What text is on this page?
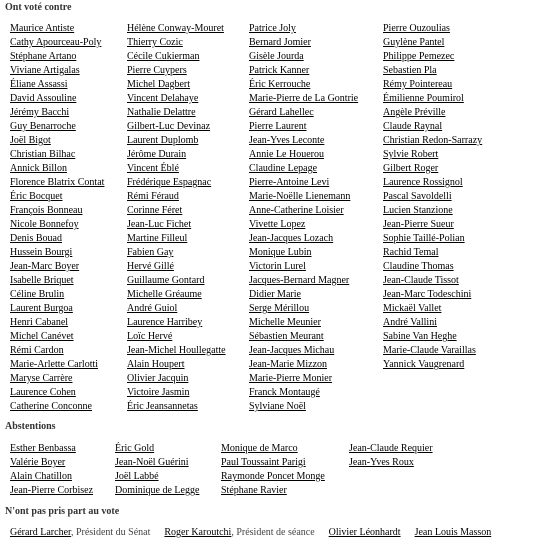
Ont voté contre
Maurice Antiste
Cathy Apourceau-Poly
Stéphane Artano
Viviane Artigalas
Éliane Assassi
David Assouline
Jérémy Bacchi
Guy Benarroche
Joël Bigot
Christian Bilhac
Annick Billon
Florence Blatrix Contat
Éric Bocquet
François Bonneau
Nicole Bonnefoy
Denis Bouad
Hussein Bourgi
Jean-Marc Boyer
Isabelle Briquet
Céline Brulin
Laurent Burgoa
Henri Cabanel
Michel Canévet
Rémi Cardon
Marie-Arlette Carlotti
Maryse Carrère
Laurence Cohen
Catherine Conconne
Hélène Conway-Mouret
Thierry Cozic
Cécile Cukierman
Pierre Cuypers
Michel Dagbert
Vincent Delahaye
Nathalie Delattre
Gilbert-Luc Devinaz
Laurent Duplomb
Jérôme Durain
Vincent Éblé
Frédérique Espagnac
Rémi Féraud
Corinne Féret
Jean-Luc Fichet
Martine Filleul
Fabien Gay
Hervé Gillé
Guillaume Gontard
Michelle Gréaume
André Guiol
Laurence Harribey
Loïc Hervé
Jean-Michel Houllegatte
Alain Houpert
Olivier Jacquin
Victoire Jasmin
Éric Jeansannetas
Patrice Joly
Bernard Jomier
Gisèle Jourda
Patrick Kanner
Éric Kerrouche
Marie-Pierre de La Gontrie
Gérard Lahellec
Pierre Laurent
Jean-Yves Leconte
Annie Le Houerou
Claudine Lepage
Pierre-Antoine Levi
Marie-Noëlle Lienemann
Anne-Catherine Loisier
Vivette Lopez
Jean-Jacques Lozach
Monique Lubin
Victorin Lurel
Jacques-Bernard Magner
Didier Marie
Serge Mérillou
Michelle Meunier
Sébastien Meurant
Jean-Jacques Michau
Jean-Marie Mizzon
Marie-Pierre Monier
Franck Montaugé
Sylviane Noël
Pierre Ouzoulias
Guylène Pantel
Philippe Pemezec
Sebastien Pla
Rémy Pointereau
Émilienne Poumirol
Angèle Préville
Claude Raynal
Christian Redon-Sarrazy
Sylvie Robert
Gilbert Roger
Laurence Rossignol
Pascal Savoldelli
Lucien Stanzione
Jean-Pierre Sueur
Sophie Taillé-Polian
Rachid Temal
Claudine Thomas
Jean-Claude Tissot
Jean-Marc Todeschini
Mickaël Vallet
André Vallini
Sabine Van Heghe
Marie-Claude Varaillas
Yannick Vaugrenard
Abstentions
Esther Benbassa
Valérie Boyer
Alain Chatillon
Jean-Pierre Corbisez
Éric Gold
Jean-Noël Guérini
Joël Labbé
Dominique de Legge
Monique de Marco
Paul Toussaint Parigi
Raymonde Poncet Monge
Stéphane Ravier
Jean-Claude Requier
Jean-Yves Roux
N'ont pas pris part au vote
Gérard Larcher, Président du Sénat Roger Karoutchi, Président de séance Olivier Léonhardt Jean Louis Masson
